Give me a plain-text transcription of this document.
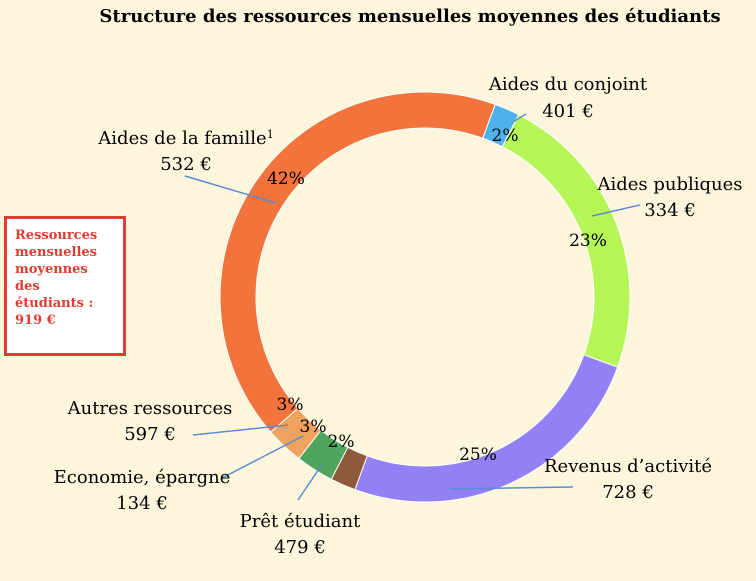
Structure des ressources mensuelles moyennes des étudiants
2%
23%
25%
2%
3%
3%
42%
Aides du conjoint
401 €
Aides publiques
334 €
Revenus d’activité
728 €
Prêt étudiant
479 €
Economie, épargne
134 €
Autres ressources
597 €
Aides de la famille$^1$
532 €
Ressources
mensuelles
moyennes
des
étudiants :
919 €
